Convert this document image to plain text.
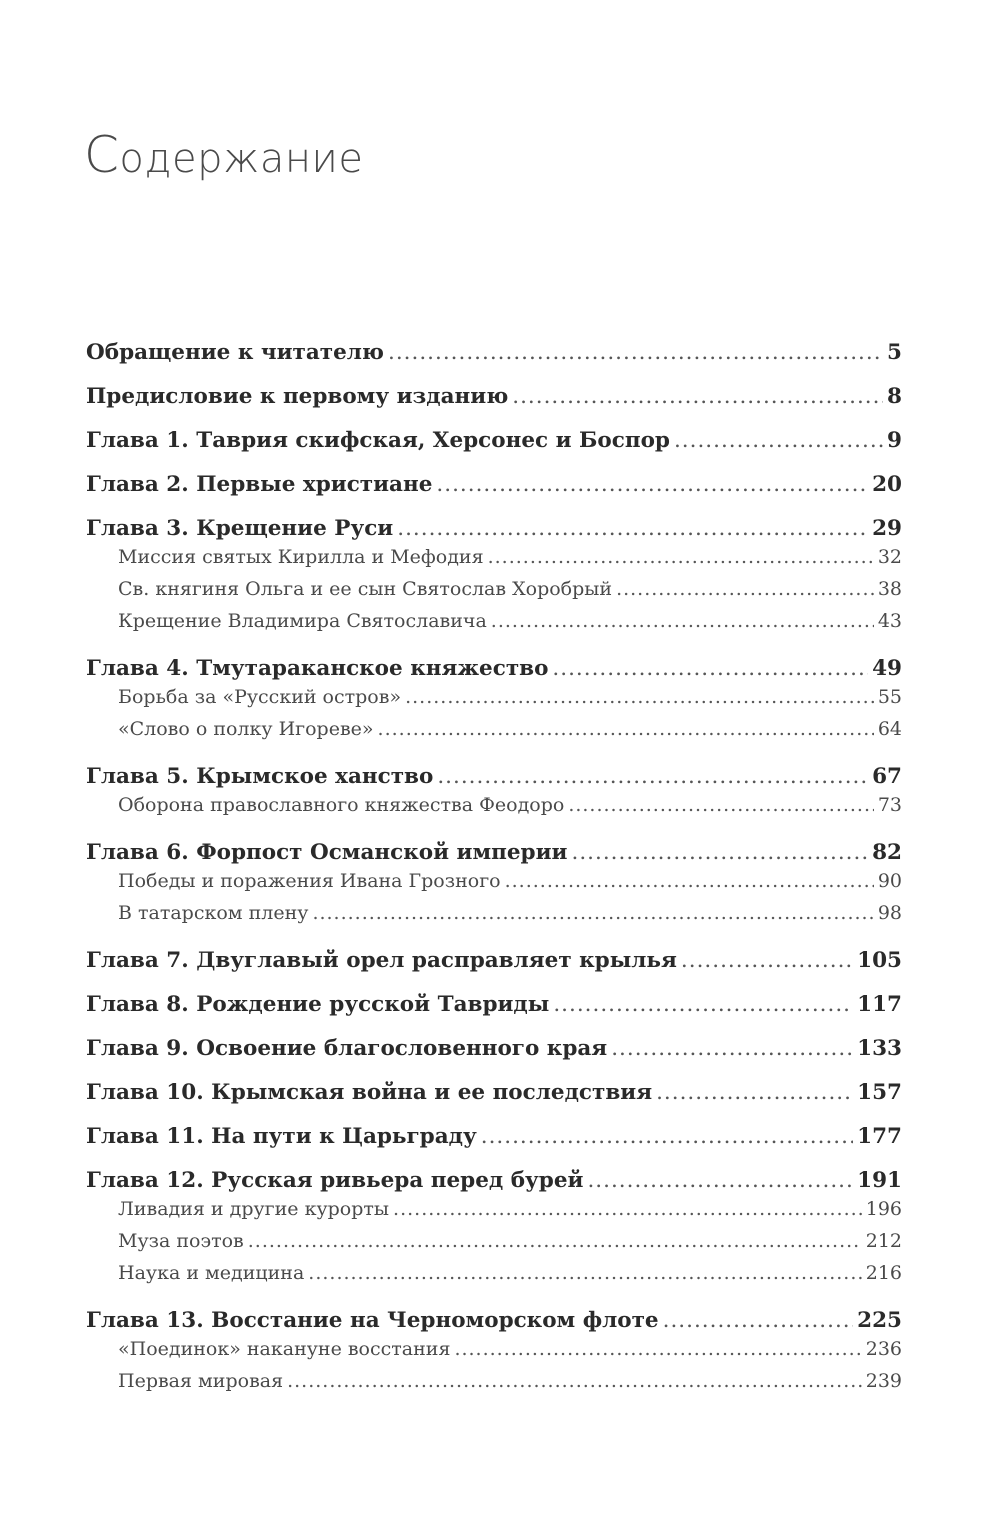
Содержание
Обращение к читателю .....	5
Предисловие к первому изданию .....	8
Глава 1. Таврия скифская, Херсонес и Боспор .....	9
Глава 2. Первые христиане .....	20
Глава 3. Крещение Руси .....	29
Миссия святых Кирилла и Мефодия .....	32
Св. княгиня Ольга и ее сын Святослав Хоробрый .....	38
Крещение Владимира Святославича .....	43
Глава 4. Тмутараканское княжество .....	49
Борьба за «Русский остров» .....	55
«Слово о полку Игореве» .....	64
Глава 5. Крымское ханство .....	67
Оборона православного княжества Феодоро .....	73
Глава 6. Форпост Османской империи .....	82
Победы и поражения Ивана Грозного .....	90
В татарском плену .....	98
Глава 7. Двуглавый орел расправляет крылья .....	105
Глава 8. Рождение русской Тавриды .....	117
Глава 9. Освоение благословенного края .....	133
Глава 10. Крымская война и ее последствия .....	157
Глава 11. На пути к Царьграду .....	177
Глава 12. Русская ривьера перед бурей .....	191
Ливадия и другие курорты .....	196
Муза поэтов .....	212
Наука и медицина .....	216
Глава 13. Восстание на Черноморском флоте .....	225
«Поединок» накануне восстания .....	236
Первая мировая .....	239
